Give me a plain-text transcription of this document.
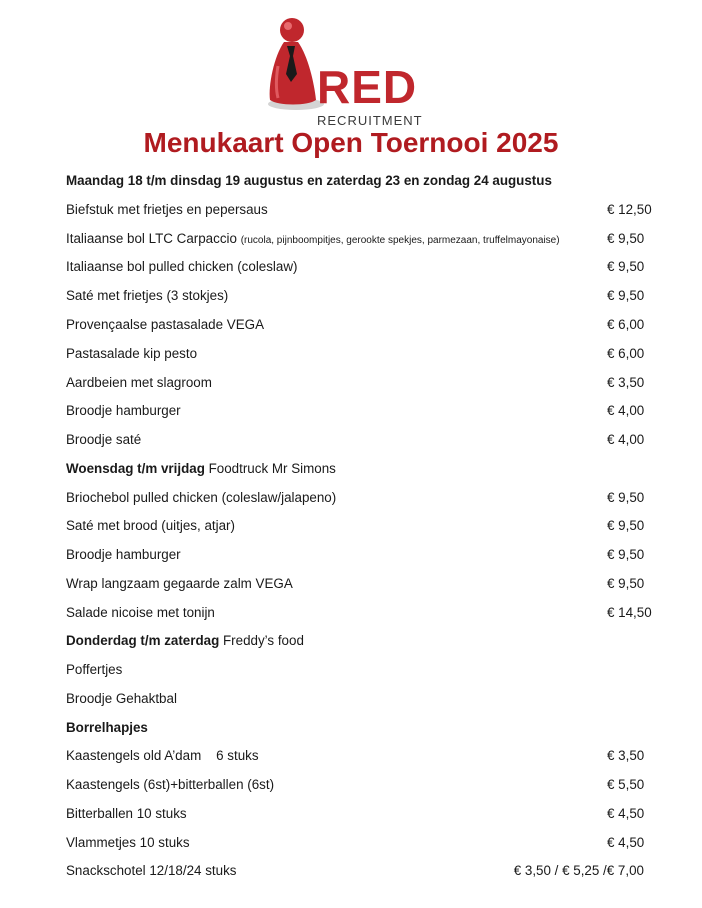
RED
RECRUITMENT
Menukaart Open Toernooi 2025
Maandag 18 t/m dinsdag 19 augustus en zaterdag 23 en zondag 24 augustus
Biefstuk met frietjes en pepersaus	€ 12,50
Italiaanse bol LTC Carpaccio (rucola, pijnboompitjes, gerookte spekjes, parmezaan, truffelmayonaise)	€ 9,50
Italiaanse bol pulled chicken (coleslaw)	€ 9,50
Saté met frietjes (3 stokjes)	€ 9,50
Provençaalse pastasalade VEGA	€ 6,00
Pastasalade kip pesto	€ 6,00
Aardbeien met slagroom	€ 3,50
Broodje hamburger	€ 4,00
Broodje saté	€ 4,00
Woensdag t/m vrijdag Foodtruck Mr Simons
Briochebol pulled chicken (coleslaw/jalapeno)	€ 9,50
Saté met brood (uitjes, atjar)	€ 9,50
Broodje hamburger	€ 9,50
Wrap langzaam gegaarde zalm VEGA	€ 9,50
Salade nicoise met tonijn	€ 14,50
Donderdag t/m zaterdag Freddy’s food
Poffertjes
Broodje Gehaktbal
Borrelhapjes
Kaastengels old A’dam    6 stuks	€ 3,50
Kaastengels (6st)+bitterballen (6st)	€ 5,50
Bitterballen 10 stuks	€ 4,50
Vlammetjes 10 stuks	€ 4,50
Snackschotel 12/18/24 stuks	€ 3,50 / € 5,25 /€ 7,00
